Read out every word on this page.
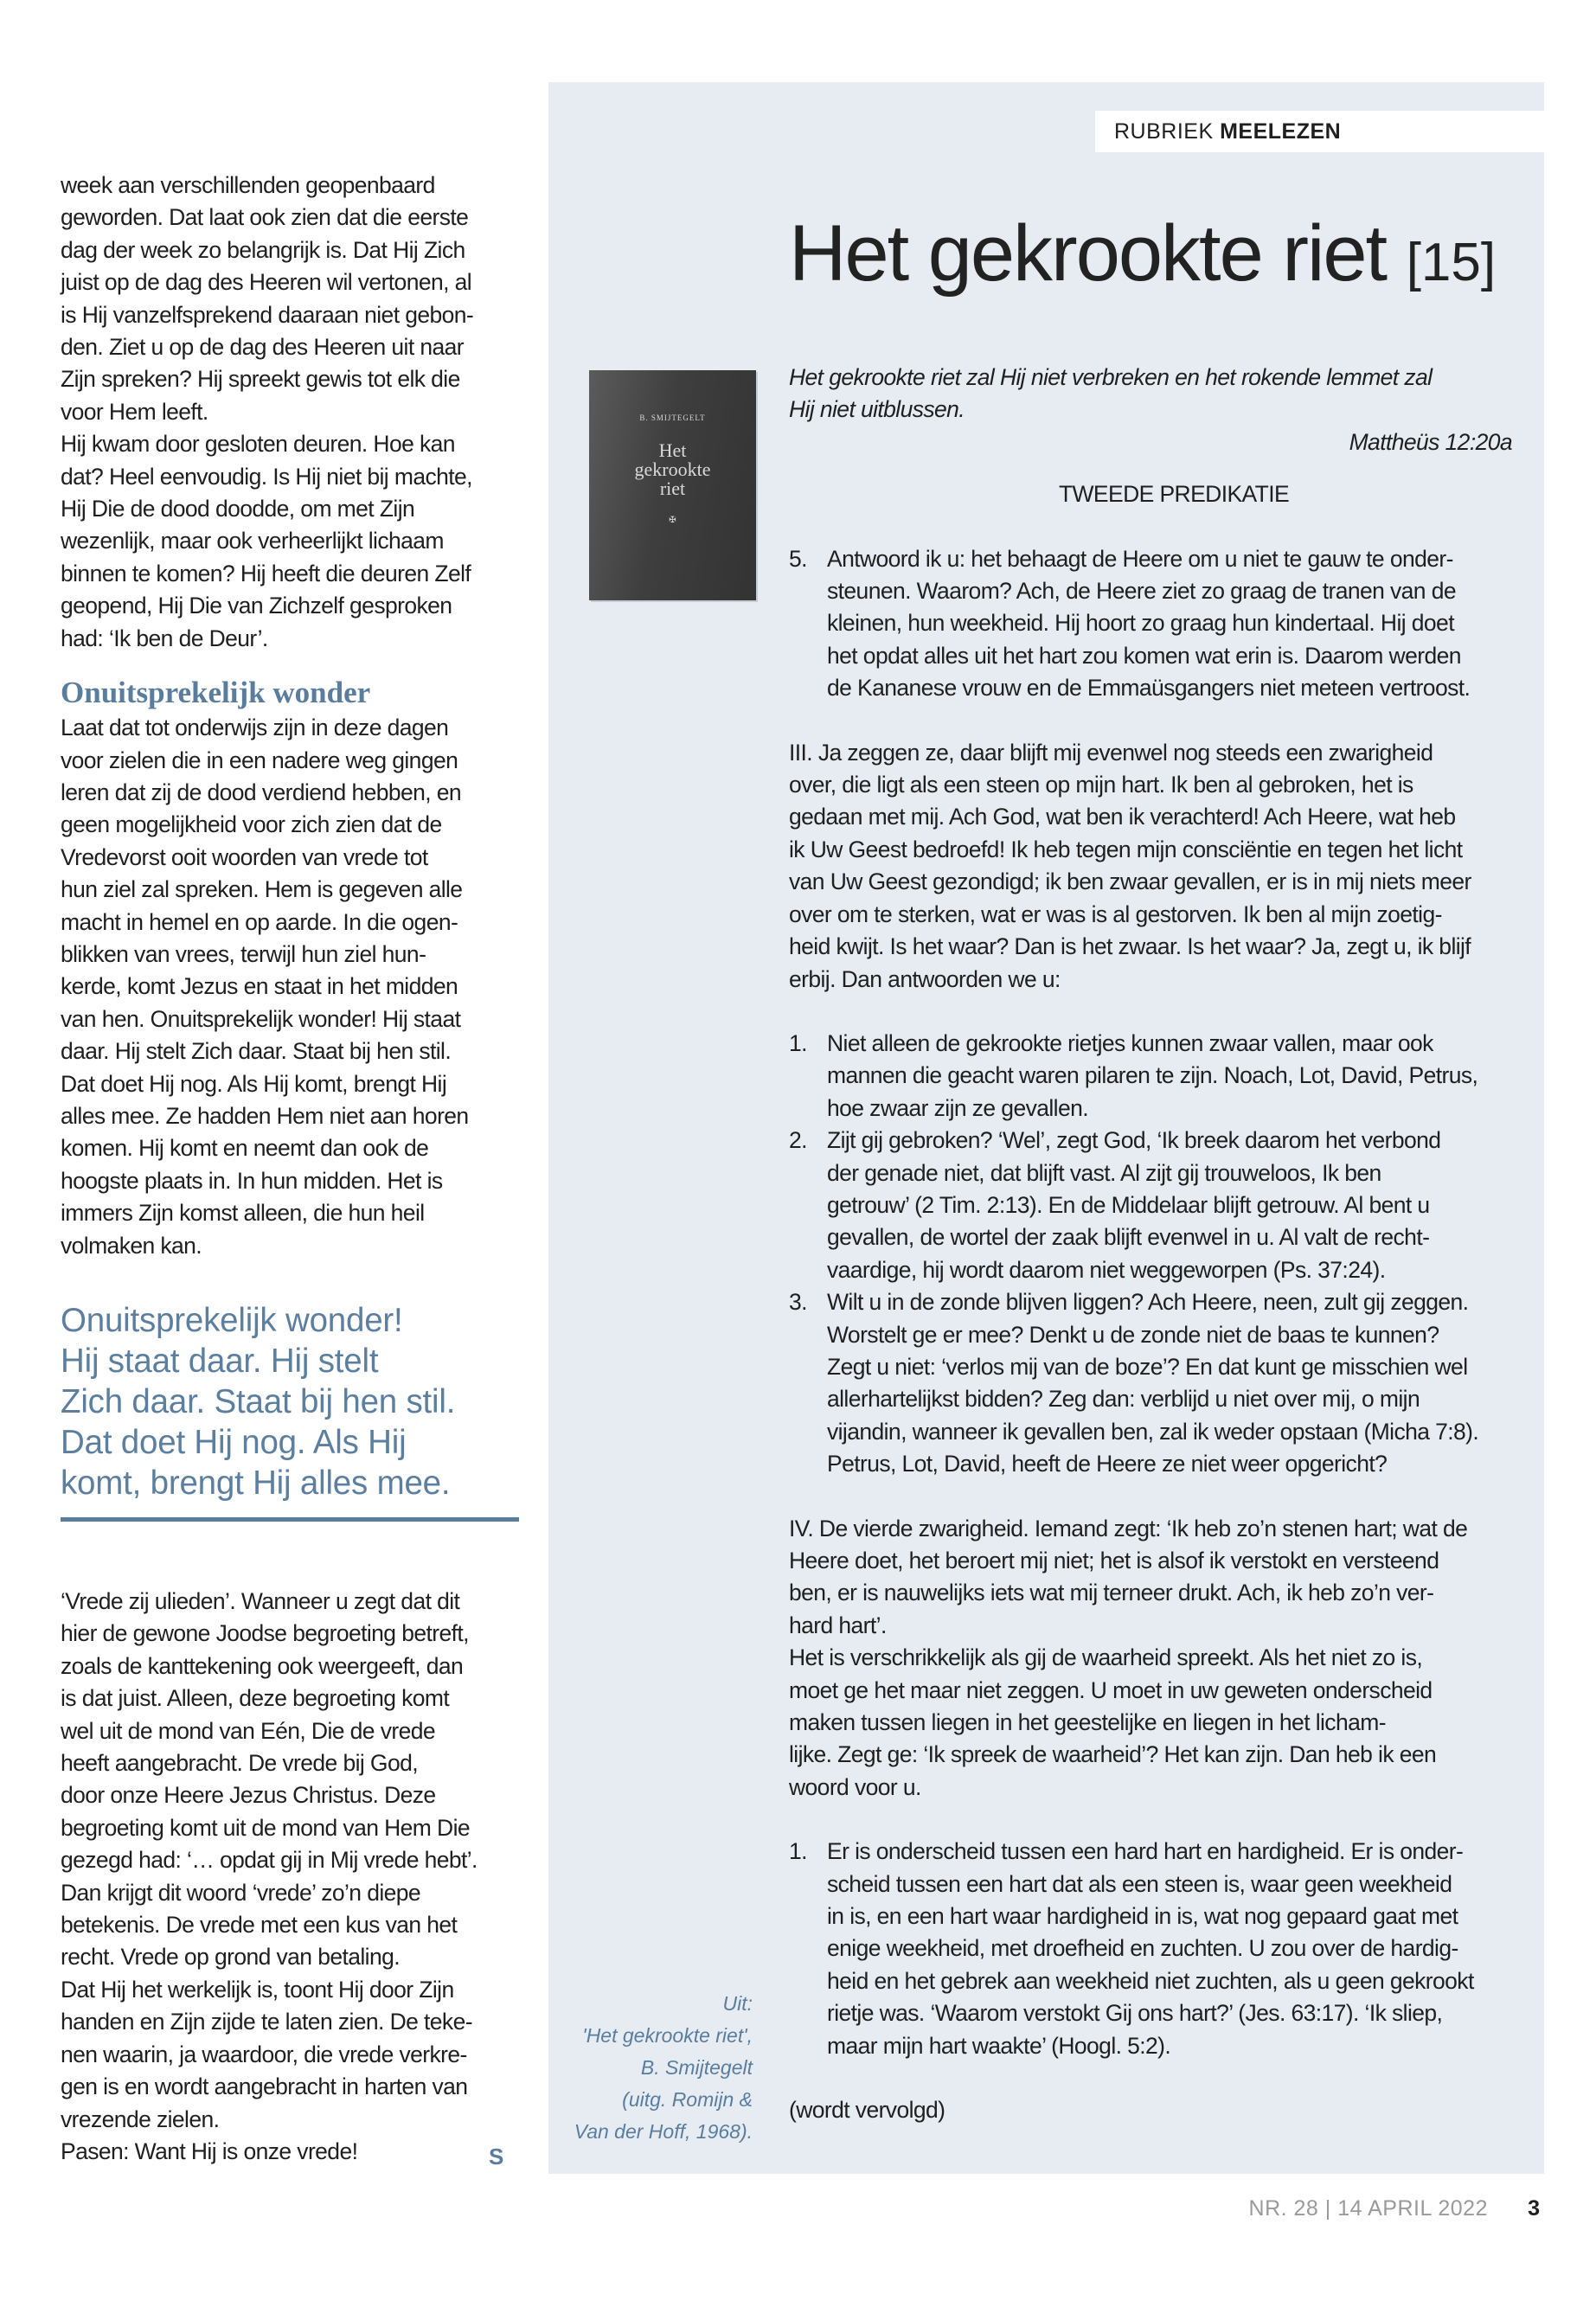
week aan verschillenden geopenbaard

geworden. Dat laat ook zien dat die eerste

dag der week zo belangrijk is. Dat Hij Zich

juist op de dag des Heeren wil vertonen, al

is Hij vanzelfsprekend daaraan niet gebon-

den. Ziet u op de dag des Heeren uit naar

Zijn spreken? Hij spreekt gewis tot elk die

voor Hem leeft.

Hij kwam door gesloten deuren. Hoe kan

dat? Heel eenvoudig. Is Hij niet bij machte,

Hij Die de dood doodde, om met Zijn

wezenlijk, maar ook verheerlijkt lichaam

binnen te komen? Hij heeft die deuren Zelf

geopend, Hij Die van Zichzelf gesproken

had: ‘Ik ben de Deur’.

Onuitsprekelijk wonder

Laat dat tot onderwijs zijn in deze dagen

voor zielen die in een nadere weg gingen

leren dat zij de dood verdiend hebben, en

geen mogelijkheid voor zich zien dat de

Vredevorst ooit woorden van vrede tot

hun ziel zal spreken. Hem is gegeven alle

macht in hemel en op aarde. In die ogen-

blikken van vrees, terwijl hun ziel hun-

kerde, komt Jezus en staat in het midden

van hen. Onuitsprekelijk wonder! Hij staat

daar. Hij stelt Zich daar. Staat bij hen stil.

Dat doet Hij nog. Als Hij komt, brengt Hij

alles mee. Ze hadden Hem niet aan horen

komen. Hij komt en neemt dan ook de

hoogste plaats in. In hun midden. Het is

immers Zijn komst alleen, die hun heil

volmaken kan.

Onuitsprekelijk wonder!

Hij staat daar. Hij stelt

Zich daar. Staat bij hen stil.

Dat doet Hij nog. Als Hij

komt, brengt Hij alles mee.

‘Vrede zij ulieden’. Wanneer u zegt dat dit

hier de gewone Joodse begroeting betreft,

zoals de kanttekening ook weergeeft, dan

is dat juist. Alleen, deze begroeting komt

wel uit de mond van Eén, Die de vrede

heeft aangebracht. De vrede bij God,

door onze Heere Jezus Christus. Deze

begroeting komt uit de mond van Hem Die

gezegd had: ‘… opdat gij in Mij vrede hebt’.

Dan krijgt dit woord ‘vrede’ zo’n diepe

betekenis. De vrede met een kus van het

recht. Vrede op grond van betaling.

Dat Hij het werkelijk is, toont Hij door Zijn

handen en Zijn zijde te laten zien. De teke-

nen waarin, ja waardoor, die vrede verkre-

gen is en wordt aangebracht in harten van

vrezende zielen.

Pasen: Want Hij is onze vrede!	S
RUBRIEK MEELEZEN
Het gekrookte riet [15]
B. SMIJTEGELT
Het
gekrookte
riet
✠

Het gekrookte riet zal Hij niet verbreken en het rokende lemmet zal

Hij niet uitblussen.

Mattheüs 12:20a

TWEEDE PREDIKATIE

5. Antwoord ik u: het behaagt de Heere om u niet te gauw te onder-

steunen. Waarom? Ach, de Heere ziet zo graag de tranen van de

kleinen, hun weekheid. Hij hoort zo graag hun kindertaal. Hij doet

het opdat alles uit het hart zou komen wat erin is. Daarom werden

de Kananese vrouw en de Emmaüsgangers niet meteen vertroost.

III. Ja zeggen ze, daar blijft mij evenwel nog steeds een zwarigheid

over, die ligt als een steen op mijn hart. Ik ben al gebroken, het is

gedaan met mij. Ach God, wat ben ik verachterd! Ach Heere, wat heb

ik Uw Geest bedroefd! Ik heb tegen mijn consciëntie en tegen het licht

van Uw Geest gezondigd; ik ben zwaar gevallen, er is in mij niets meer

over om te sterken, wat er was is al gestorven. Ik ben al mijn zoetig-

heid kwijt. Is het waar? Dan is het zwaar. Is het waar? Ja, zegt u, ik blijf

erbij. Dan antwoorden we u:

1. Niet alleen de gekrookte rietjes kunnen zwaar vallen, maar ook

mannen die geacht waren pilaren te zijn. Noach, Lot, David, Petrus,

hoe zwaar zijn ze gevallen.

2. Zijt gij gebroken? ‘Wel’, zegt God, ‘Ik breek daarom het verbond

der genade niet, dat blijft vast. Al zijt gij trouweloos, Ik ben

getrouw’ (2 Tim. 2:13). En de Middelaar blijft getrouw. Al bent u

gevallen, de wortel der zaak blijft evenwel in u. Al valt de recht-

vaardige, hij wordt daarom niet weggeworpen (Ps. 37:24).

3. Wilt u in de zonde blijven liggen? Ach Heere, neen, zult gij zeggen.

Worstelt ge er mee? Denkt u de zonde niet de baas te kunnen?

Zegt u niet: ‘verlos mij van de boze’? En dat kunt ge misschien wel

allerhartelijkst bidden? Zeg dan: verblijd u niet over mij, o mijn

vijandin, wanneer ik gevallen ben, zal ik weder opstaan (Micha 7:8).

Petrus, Lot, David, heeft de Heere ze niet weer opgericht?

IV. De vierde zwarigheid. Iemand zegt: ‘Ik heb zo’n stenen hart; wat de

Heere doet, het beroert mij niet; het is alsof ik verstokt en versteend

ben, er is nauwelijks iets wat mij terneer drukt. Ach, ik heb zo’n ver-

hard hart’.

Het is verschrikkelijk als gij de waarheid spreekt. Als het niet zo is,

moet ge het maar niet zeggen. U moet in uw geweten onderscheid

maken tussen liegen in het geestelijke en liegen in het licham-

lijke. Zegt ge: ‘Ik spreek de waarheid’? Het kan zijn. Dan heb ik een

woord voor u.

1. Er is onderscheid tussen een hard hart en hardigheid. Er is onder-

scheid tussen een hart dat als een steen is, waar geen weekheid

in is, en een hart waar hardigheid in is, wat nog gepaard gaat met

enige weekheid, met droefheid en zuchten. U zou over de hardig-

heid en het gebrek aan weekheid niet zuchten, als u geen gekrookt

rietje was. ‘Waarom verstokt Gij ons hart?’ (Jes. 63:17). ‘Ik sliep,

maar mijn hart waakte’ (Hoogl. 5:2).

(wordt vervolgd)

Uit:
'Het gekrookte riet',
B. Smijtegelt
(uitg. Romijn &
Van der Hoff, 1968).
NR. 28 | 14 APRIL 2022	3
